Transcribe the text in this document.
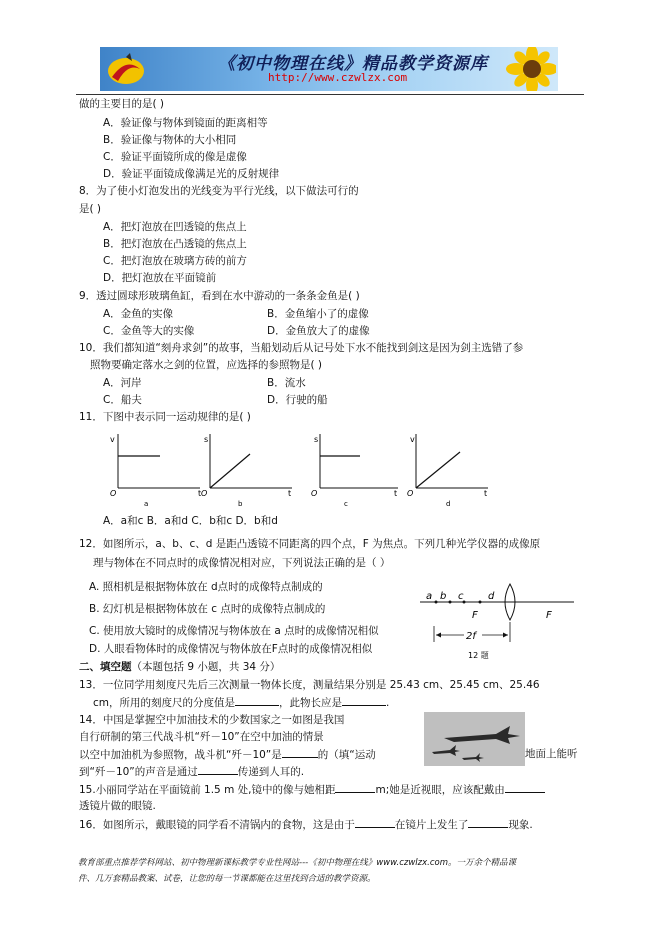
《初中物理在线》精品教学资源库
http://www.czwlzx.com
做的主要目的是( )
A．验证像与物体到镜面的距离相等
B．验证像与物体的大小相同
C．验证平面镜所成的像是虚像
D．验证平面镜成像满足光的反射规律
8．为了使小灯泡发出的光线变为平行光线，以下做法可行的
是( )
A．把灯泡放在凹透镜的焦点上
B．把灯泡放在凸透镜的焦点上
C．把灯泡放在玻璃方砖的前方
D．把灯泡放在平面镜前
9．透过圆球形玻璃鱼缸，看到在水中游动的一条条金鱼是( )
A．金鱼的实像	B．金鱼缩小了的虚像
C．金鱼等大的实像	D．金鱼放大了的虚像
10．我们都知道“刻舟求剑”的故事，当船划动后从记号处下水不能找到剑这是因为剑主选错了参
照物要确定落水之剑的位置，应选择的参照物是( )
A．河岸	B．流水
C．船夫	D．行驶的船
11．下图中表示同一运动规律的是( )
v
O	t
a
s
O	t
b
s
O	t
c
v
O	t
d
A．a和c B．a和d C．b和c D．b和d
12．如图所示，a、b、c、d 是距凸透镜不同距离的四个点，F 为焦点。下列几种光学仪器的成像原
理与物体在不同点时的成像情况相对应，下列说法正确的是（ ）
A. 照相机是根据物体放在 d点时的成像特点制成的
B. 幻灯机是根据物体放在 c 点时的成像特点制成的
C. 使用放大镜时的成像情况与物体放在 a 点时的成像情况相似
D. 人眼看物体时的成像情况与物体放在F点时的成像情况相似
a b c d
F	F
2f
12 题
二、填空题（本题包括 9 小题，共 34 分）
13．一位同学用刻度尺先后三次测量一物体长度，测量结果分别是 25.43 cm、25.45 cm、25.46
cm，所用的刻度尺的分度值是	，此物长应是	.
14．中国是掌握空中加油技术的少数国家之一如图是我国
自行研制的第三代战斗机“歼－10”在空中加油的情景
以空中加油机为参照物，战斗机“歼－10”是	的（填“运动	地面上能听
到“歼－10”的声音是通过	传递到人耳的.
15.小丽同学站在平面镜前 1.5 m 处,镜中的像与她相距	m;她是近视眼，应该配戴由
透镜片做的眼镜.
16．如图所示，戴眼镜的同学看不清锅内的食物，这是由于	在镜片上发生了	现象.
教育部重点推荐学科网站、初中物理新课标教学专业性网站---《初中物理在线》www.czwlzx.com。一万余个精品课
件、几万套精品教案、试卷，让您的每一节课都能在这里找到合适的教学资源。
